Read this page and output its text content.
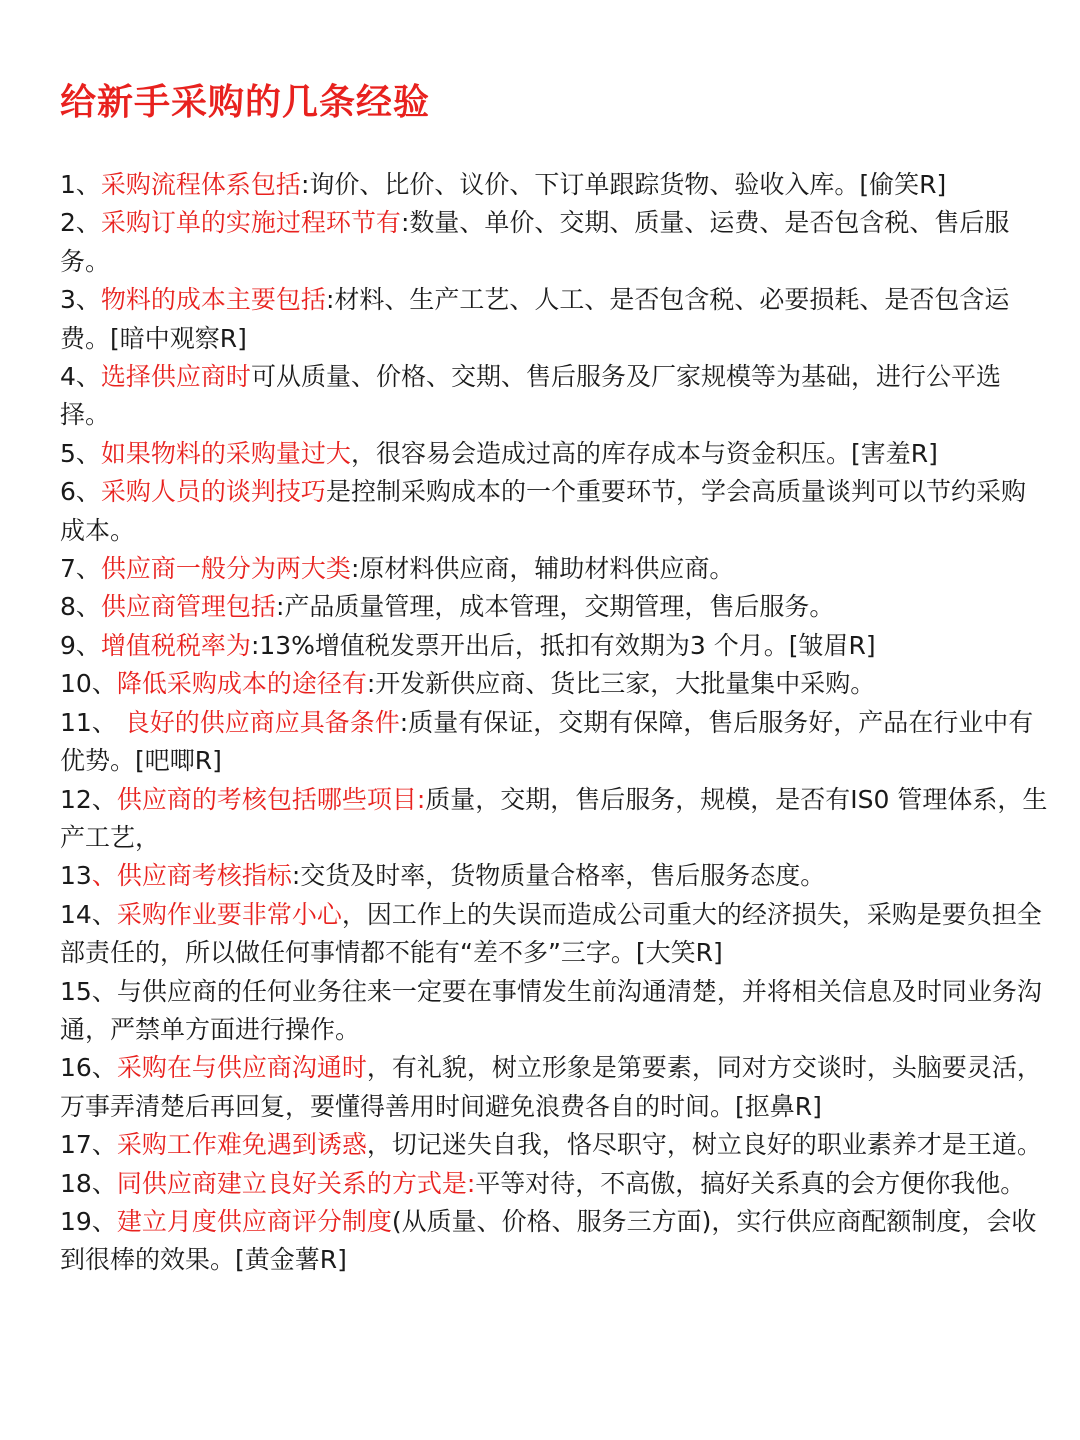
给新手采购的几条经验
1、采购流程体系包括:询价、比价、议价、下订单跟踪货物、验收入库。[偷笑R]
2、采购订单的实施过程环节有:数量、单价、交期、质量、运费、是否包含税、售后服务。
3、物料的成本主要包括:材料、生产工艺、人工、是否包含税、必要损耗、是否包含运费。[暗中观察R]
4、选择供应商时可从质量、价格、交期、售后服务及厂家规模等为基础，进行公平选择。
5、如果物料的采购量过大，很容易会造成过高的库存成本与资金积压。[害羞R]
6、采购人员的谈判技巧是控制采购成本的一个重要环节，学会高质量谈判可以节约采购成本。
7、供应商一般分为两大类:原材料供应商，辅助材料供应商。
8、供应商管理包括:产品质量管理，成本管理，交期管理，售后服务。
9、增值税税率为:13%增值税发票开出后，抵扣有效期为3 个月。[皱眉R]
10、降低采购成本的途径有:开发新供应商、货比三家，大批量集中采购。
11、 良好的供应商应具备条件:质量有保证，交期有保障，售后服务好，产品在行业中有优势。[吧唧R]
12、供应商的考核包括哪些项目:质量，交期，售后服务，规模，是否有IS0 管理体系，生产工艺，
13、供应商考核指标:交货及时率，货物质量合格率，售后服务态度。
14、采购作业要非常小心，因工作上的失误而造成公司重大的经济损失，采购是要负担全部责任的，所以做任何事情都不能有“差不多”三字。[大笑R]
15、与供应商的任何业务往来一定要在事情发生前沟通清楚，并将相关信息及时同业务沟通，严禁单方面进行操作。
16、采购在与供应商沟通时，有礼貌，树立形象是第要素，同对方交谈时，头脑要灵活，万事弄清楚后再回复，要懂得善用时间避免浪费各自的时间。[抠鼻R]
17、采购工作难免遇到诱惑，切记迷失自我，恪尽职守，树立良好的职业素养才是王道。
18、同供应商建立良好关系的方式是:平等对待，不高傲，搞好关系真的会方便你我他。
19、建立月度供应商评分制度(从质量、价格、服务三方面)，实行供应商配额制度，会收到很棒的效果。[黄金薯R]
